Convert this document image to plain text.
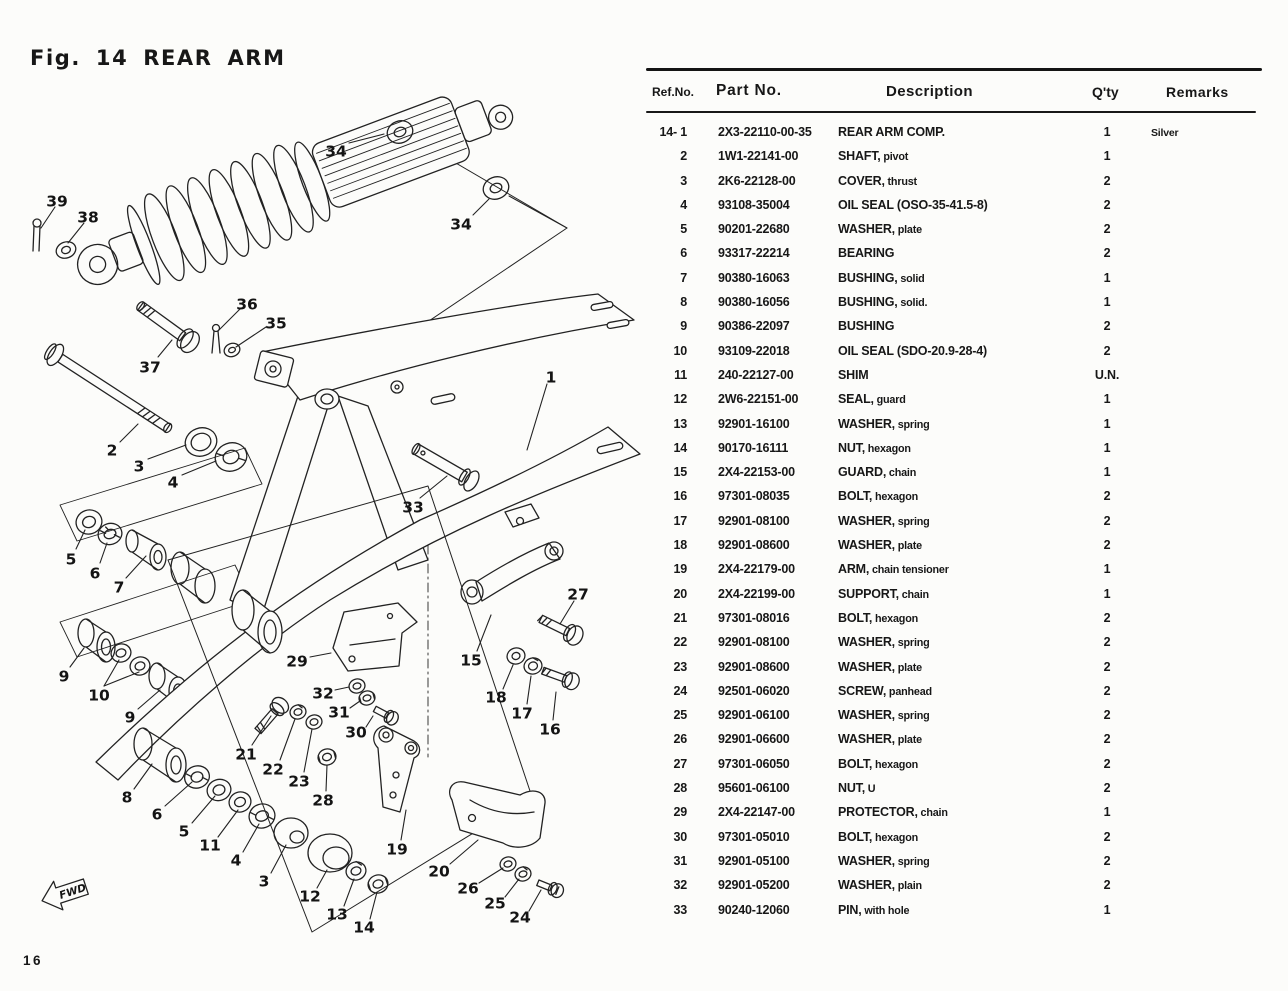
Fig. 14 REAR ARM
16
FWD
34
34
39
38
36
35
37
2
3
4
1
33
5
6
7
9
10
9
29
32
31
30
21
22
23
28
8
6
5
11
4
3
12
13
14
19
20
26
25
24
27
15
18
17
16
Ref.No. Part No.	Description	Q'ty	Remarks
14- 1 2X3-22110-00-35 REAR ARM COMP.	1	Silver
2 1W1-22141-00	SHAFT, pivot	1
3 2K6-22128-00	COVER, thrust	2
4 93108-35004	OIL SEAL (OSO-35-41.5-8)	2
5 90201-22680	WASHER, plate	2
6 93317-22214	BEARING	2
7 90380-16063	BUSHING, solid	1
8 90380-16056	BUSHING, solid.	1
9 90386-22097	BUSHING	2
10 93109-22018	OIL SEAL (SDO-20.9-28-4)	2
11 240-22127-00	SHIM	U.N.
12 2W6-22151-00	SEAL, guard	1
13 92901-16100	WASHER, spring	1
14 90170-16111	NUT, hexagon	1
15 2X4-22153-00	GUARD, chain	1
16 97301-08035	BOLT, hexagon	2
17 92901-08100	WASHER, spring	2
18 92901-08600	WASHER, plate	2
19 2X4-22179-00	ARM, chain tensioner	1
20 2X4-22199-00	SUPPORT, chain	1
21 97301-08016	BOLT, hexagon	2
22 92901-08100	WASHER, spring	2
23 92901-08600	WASHER, plate	2
24 92501-06020	SCREW, panhead	2
25 92901-06100	WASHER, spring	2
26 92901-06600	WASHER, plate	2
27 97301-06050	BOLT, hexagon	2
28 95601-06100	NUT, U	2
29 2X4-22147-00	PROTECTOR, chain	1
30 97301-05010	BOLT, hexagon	2
31 92901-05100	WASHER, spring	2
32 92901-05200	WASHER, plain	2
33 90240-12060	PIN, with hole	1
